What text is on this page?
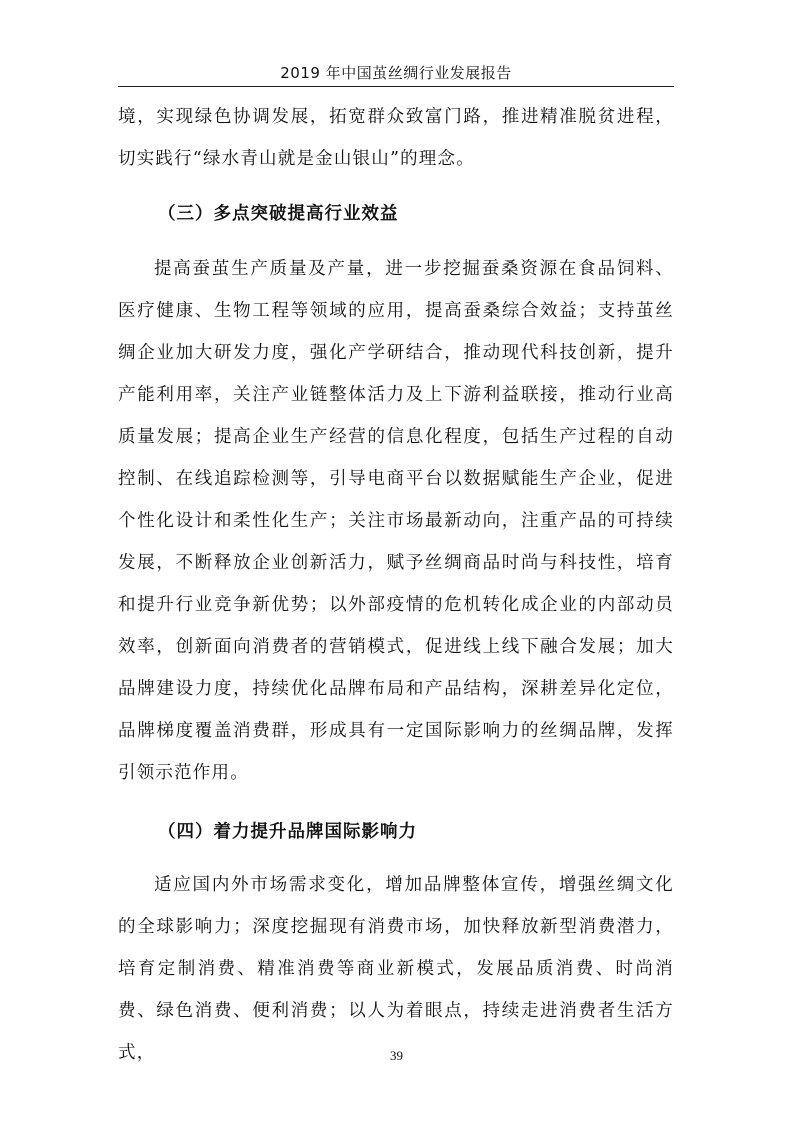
2019 年中国茧丝绸行业发展报告

境，实现绿色协调发展，拓宽群众致富门路，推进精准脱贫进程，切实践行“绿水青山就是金山银山”的理念。

（三）多点突破提高行业效益

提高蚕茧生产质量及产量，进一步挖掘蚕桑资源在食品饲料、医疗健康、生物工程等领域的应用，提高蚕桑综合效益；支持茧丝绸企业加大研发力度，强化产学研结合，推动现代科技创新，提升产能利用率，关注产业链整体活力及上下游利益联接，推动行业高质量发展；提高企业生产经营的信息化程度，包括生产过程的自动控制、在线追踪检测等，引导电商平台以数据赋能生产企业，促进个性化设计和柔性化生产；关注市场最新动向，注重产品的可持续发展，不断释放企业创新活力，赋予丝绸商品时尚与科技性，培育和提升行业竞争新优势；以外部疫情的危机转化成企业的内部动员效率，创新面向消费者的营销模式，促进线上线下融合发展；加大品牌建设力度，持续优化品牌布局和产品结构，深耕差异化定位，品牌梯度覆盖消费群，形成具有一定国际影响力的丝绸品牌，发挥引领示范作用。

（四）着力提升品牌国际影响力

适应国内外市场需求变化，增加品牌整体宣传，增强丝绸文化的全球影响力；深度挖掘现有消费市场，加快释放新型消费潜力，培育定制消费、精准消费等商业新模式，发展品质消费、时尚消费、绿色消费、便利消费；以人为着眼点，持续走进消费者生活方式，	39
